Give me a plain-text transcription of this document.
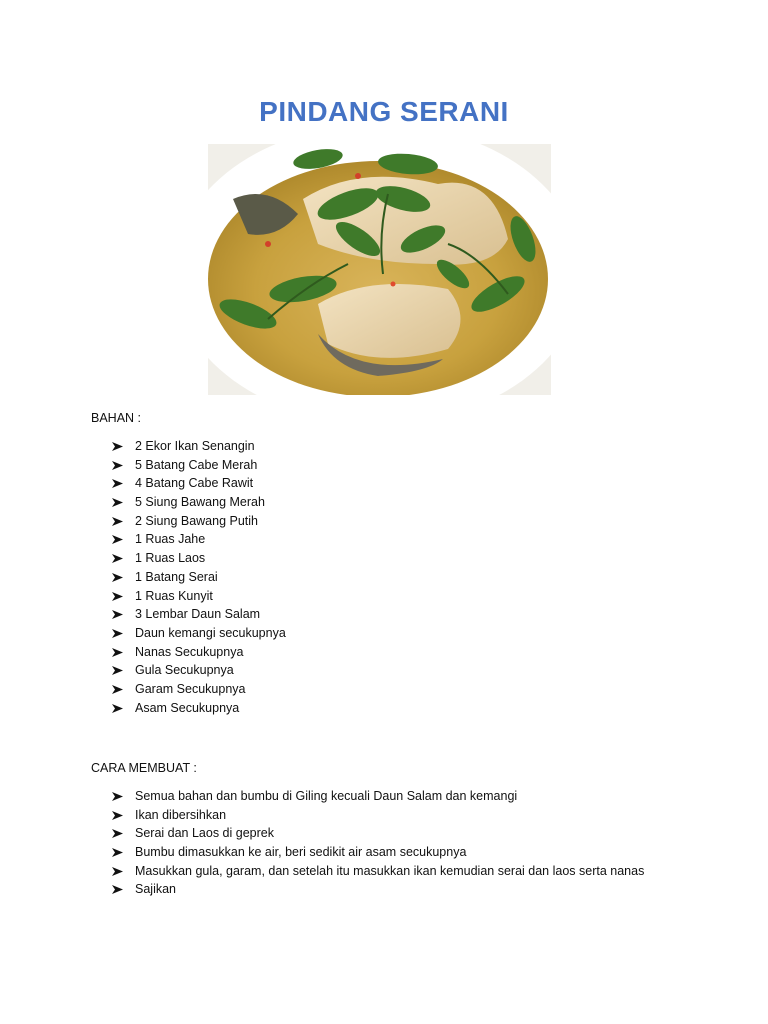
PINDANG SERANI

BAHAN :

2 Ekor Ikan Senangin
5 Batang Cabe Merah
4 Batang Cabe Rawit
5 Siung Bawang Merah
2 Siung Bawang Putih
1 Ruas Jahe
1 Ruas Laos
1 Batang Serai
1 Ruas Kunyit
3 Lembar Daun Salam
Daun kemangi secukupnya
Nanas Secukupnya
Gula Secukupnya
Garam Secukupnya
Asam Secukupnya

CARA MEMBUAT :

Semua bahan dan bumbu di Giling kecuali Daun Salam dan kemangi
Ikan dibersihkan
Serai dan Laos di geprek
Bumbu dimasukkan ke air, beri sedikit air asam secukupnya
Masukkan gula, garam, dan setelah itu masukkan ikan kemudian serai dan laos serta nanas
Sajikan
